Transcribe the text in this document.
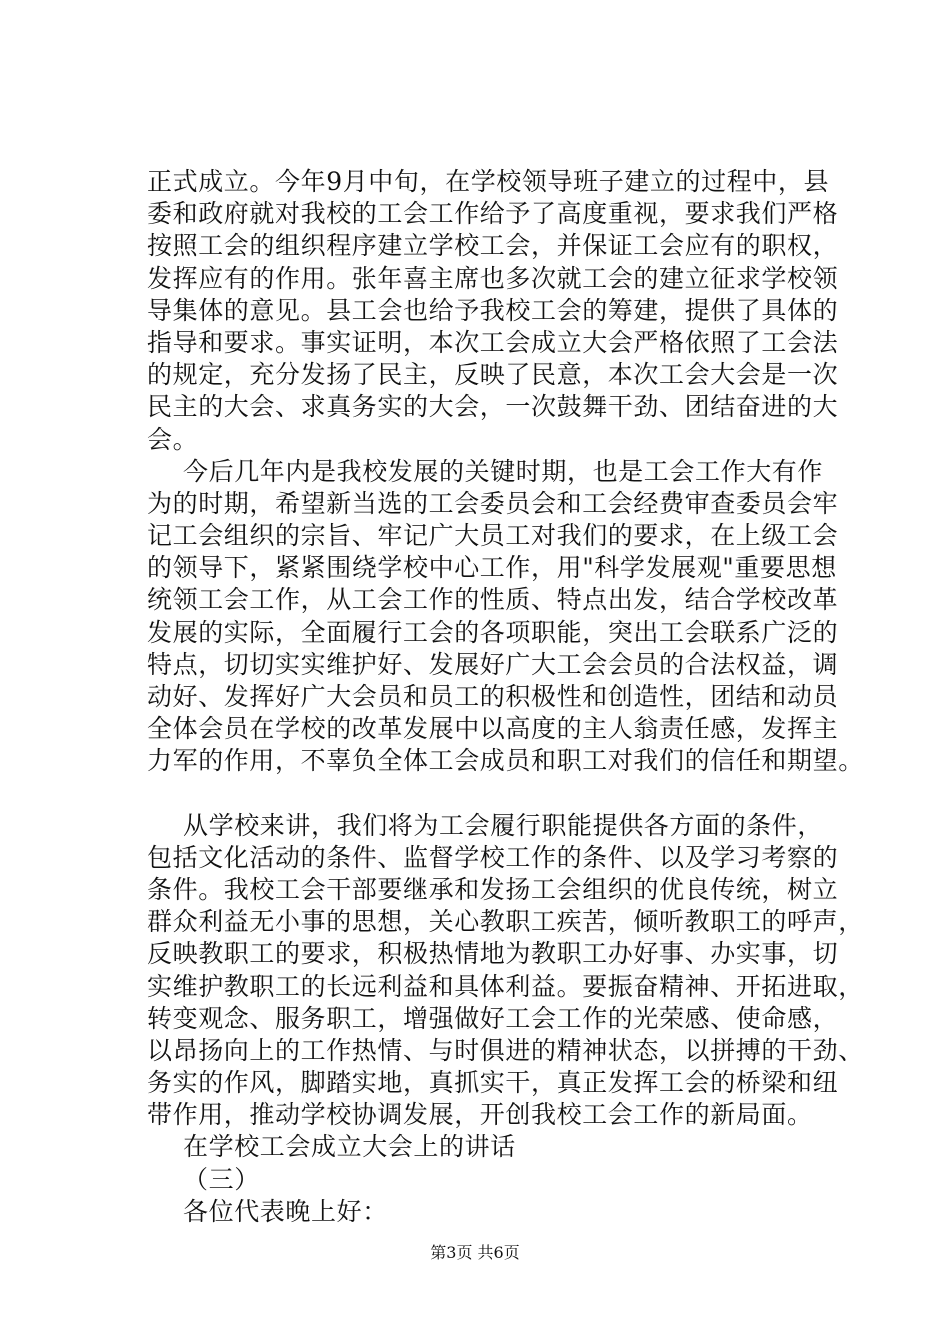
正式成立。今年9月中旬，在学校领导班子建立的过程中，县
委和政府就对我校的工会工作给予了高度重视，要求我们严格
按照工会的组织程序建立学校工会，并保证工会应有的职权，
发挥应有的作用。张年喜主席也多次就工会的建立征求学校领
导集体的意见。县工会也给予我校工会的筹建，提供了具体的
指导和要求。事实证明，本次工会成立大会严格依照了工会法
的规定，充分发扬了民主，反映了民意，本次工会大会是一次
民主的大会、求真务实的大会，一次鼓舞干劲、团结奋进的大
会。
今后几年内是我校发展的关键时期，也是工会工作大有作
为的时期，希望新当选的工会委员会和工会经费审查委员会牢
记工会组织的宗旨、牢记广大员工对我们的要求，在上级工会
的领导下，紧紧围绕学校中心工作，用"科学发展观"重要思想
统领工会工作，从工会工作的性质、特点出发，结合学校改革
发展的实际，全面履行工会的各项职能，突出工会联系广泛的
特点，切切实实维护好、发展好广大工会会员的合法权益，调
动好、发挥好广大会员和员工的积极性和创造性，团结和动员
全体会员在学校的改革发展中以高度的主人翁责任感，发挥主
力军的作用，不辜负全体工会成员和职工对我们的信任和期望。
从学校来讲，我们将为工会履行职能提供各方面的条件，
包括文化活动的条件、监督学校工作的条件、以及学习考察的
条件。我校工会干部要继承和发扬工会组织的优良传统，树立
群众利益无小事的思想，关心教职工疾苦，倾听教职工的呼声，
反映教职工的要求，积极热情地为教职工办好事、办实事，切
实维护教职工的长远利益和具体利益。要振奋精神、开拓进取，
转变观念、服务职工，增强做好工会工作的光荣感、使命感，
以昂扬向上的工作热情、与时俱进的精神状态，以拼搏的干劲、
务实的作风，脚踏实地，真抓实干，真正发挥工会的桥梁和纽
带作用，推动学校协调发展，开创我校工会工作的新局面。
在学校工会成立大会上的讲话
（三）
各位代表晚上好：
第3页 共6页
